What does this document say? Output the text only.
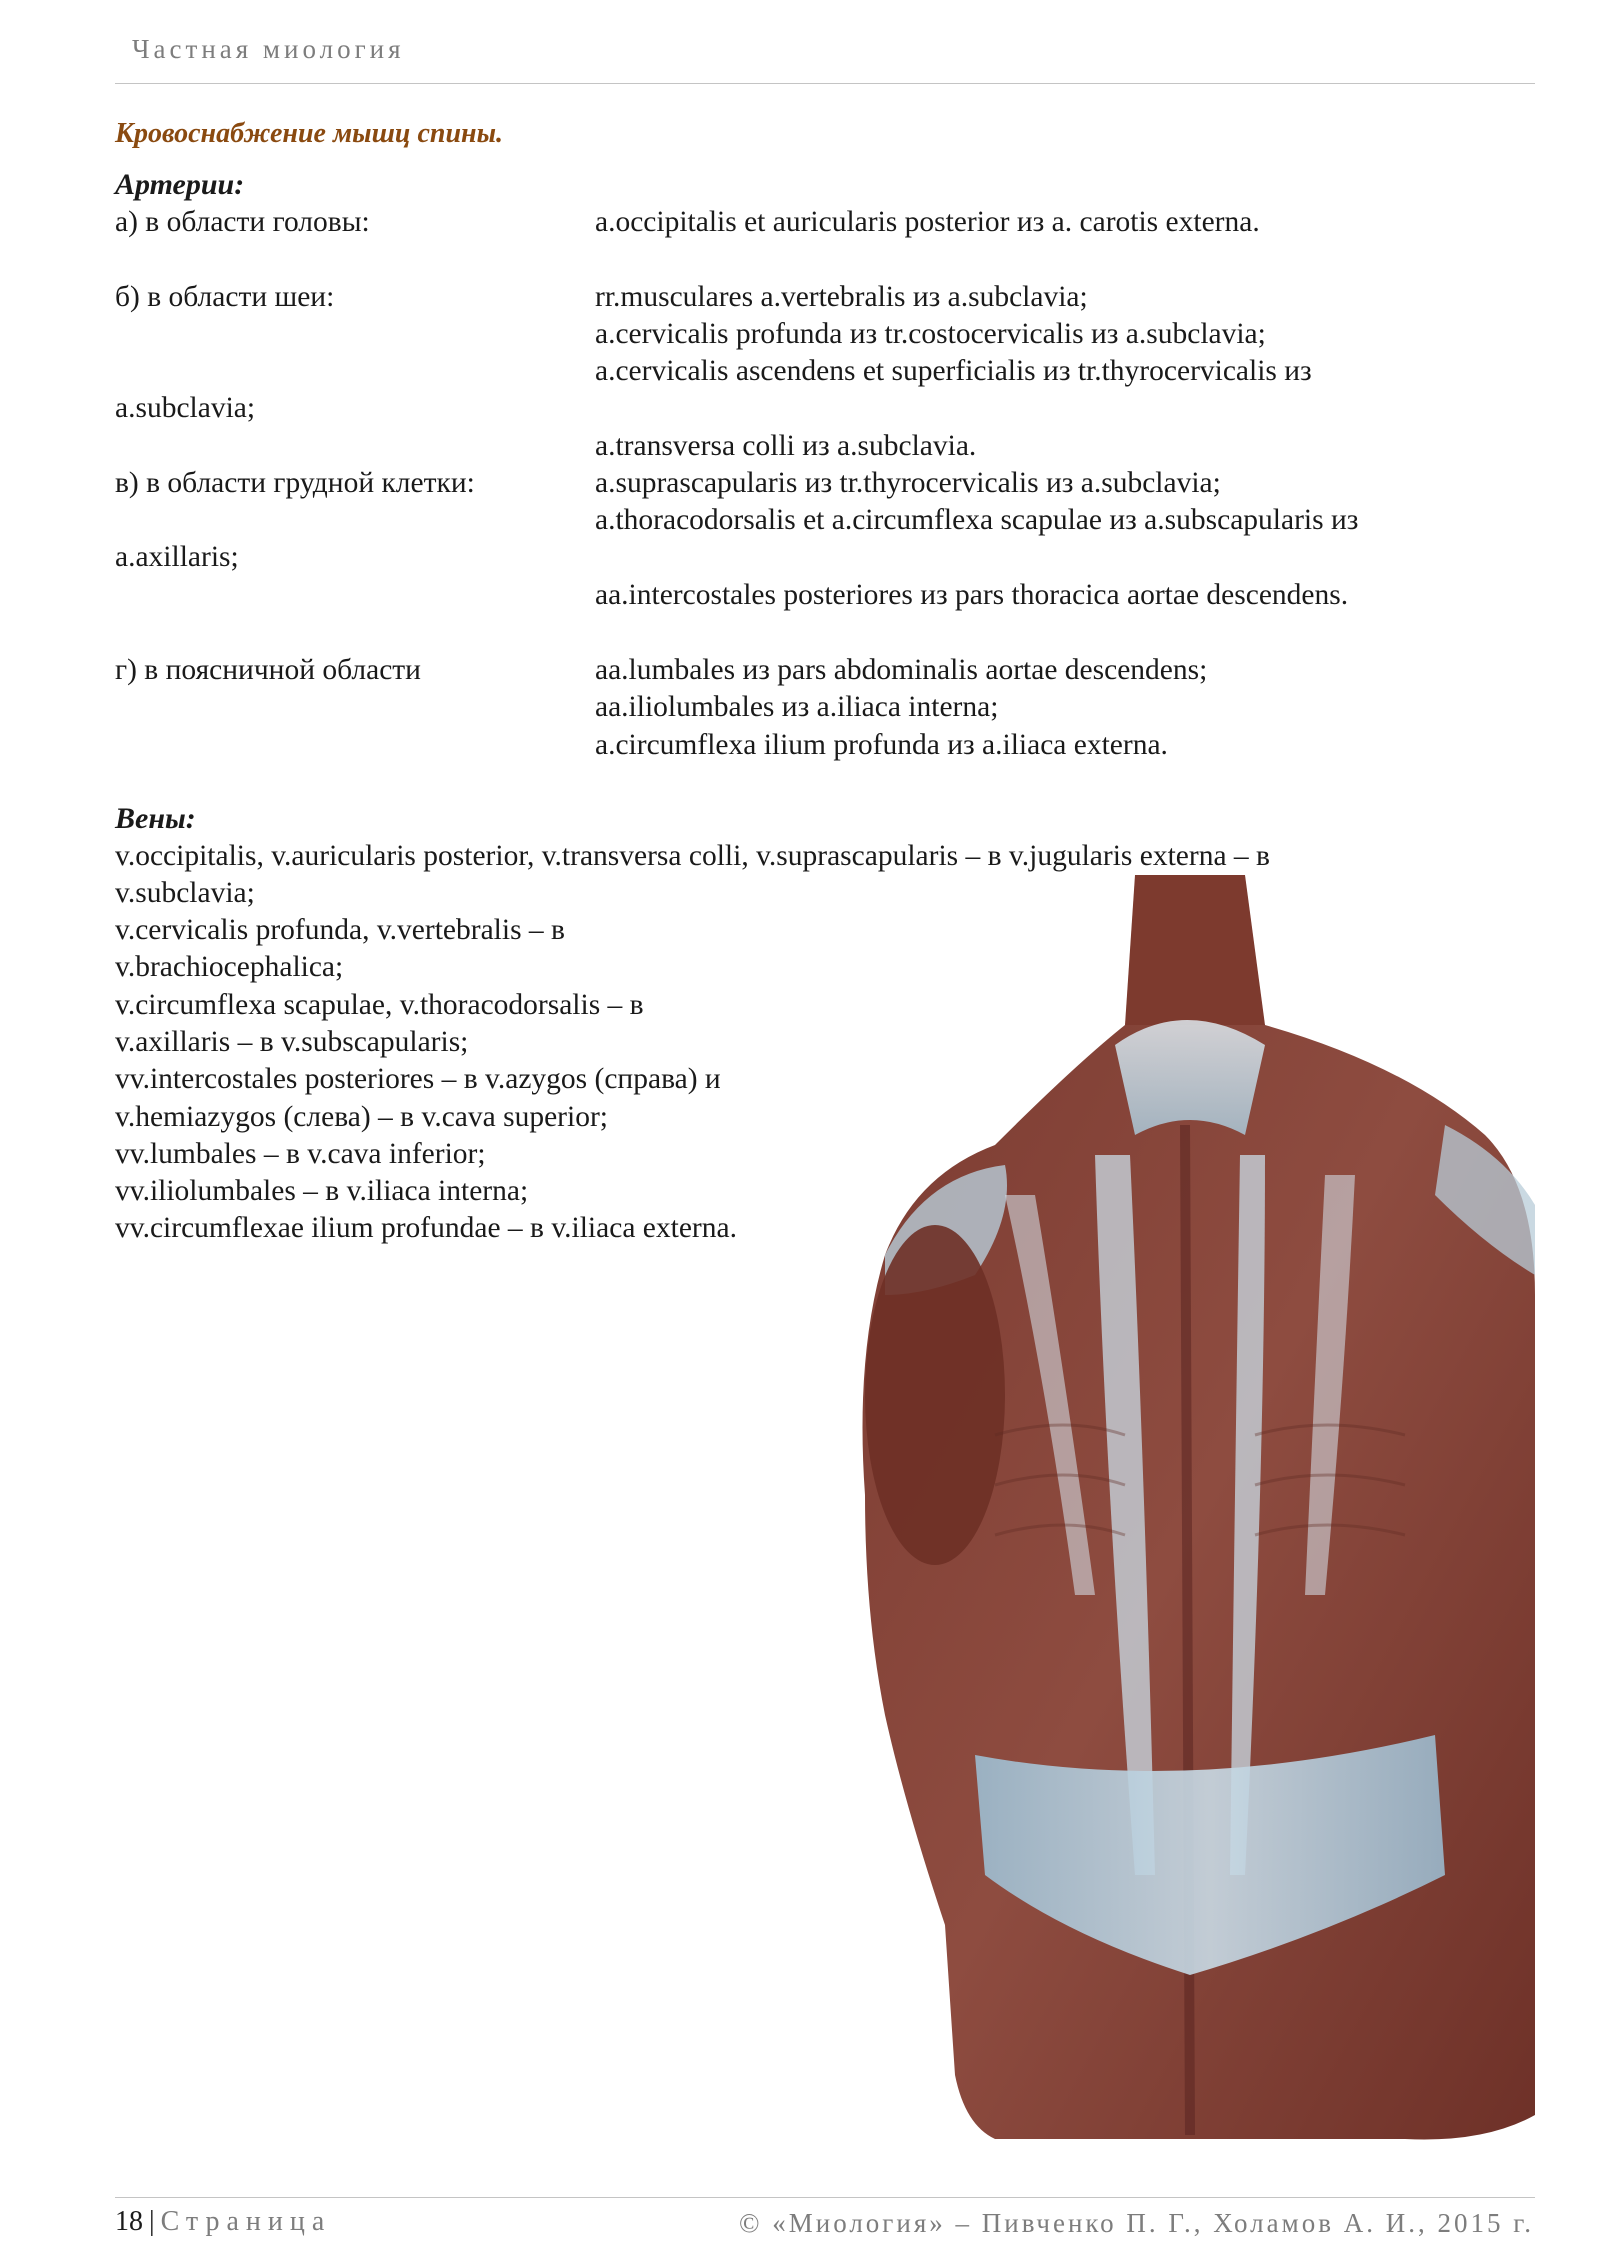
Частная миология
Кровоснабжение мышц спины.
Артерии:
а) в области головы:	a.occipitalis et auricularis posterior из a. carotis externa.
б) в области шеи:	rr.musculares a.vertebralis из a.subclavia;
a.cervicalis profunda из tr.costocervicalis из a.subclavia;
a.cervicalis ascendens et superficialis из tr.thyrocervicalis из
a.subclavia;
a.transversa colli из a.subclavia.
в) в области грудной клетки:	a.suprascapularis из tr.thyrocervicalis из a.subclavia;
a.thoracodorsalis et a.circumflexa scapulae из a.subscapularis из
a.axillaris;
aa.intercostales posteriores из pars thoracica aortae descendens.
г) в поясничной области	aa.lumbales из pars abdominalis aortae descendens;
aa.iliolumbales из a.iliaca interna;
a.circumflexa ilium profunda из a.iliaca externa.
Вены:
v.occipitalis, v.auricularis posterior, v.transversa colli, v.suprascapularis – в v.jugularis externa – в
v.subclavia;
v.cervicalis profunda, v.vertebralis – в
v.brachiocephalica;
v.circumflexa scapulae, v.thoracodorsalis – в
v.axillaris – в v.subscapularis;
vv.intercostales posteriores – в v.azygos (справа) и
v.hemiazygos (слева) – в v.cava superior;
vv.lumbales – в v.cava inferior;
vv.iliolumbales – в v.iliaca interna;
vv.circumflexae ilium profundae – в v.iliaca externa.
18 | Страница	© «Миология» – Пивченко П. Г., Холамов А. И., 2015 г.
